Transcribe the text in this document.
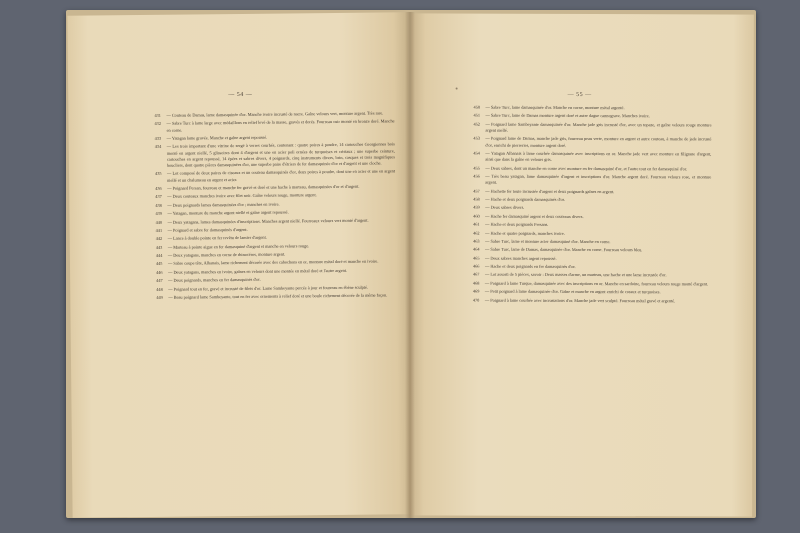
— 54 —
431 — Couteau de Damas, lame damasquinée d'or. Manche ivoire incrusté de nacre. Gaîne velours vert, monture argent. Très rare.
432 — Sabre Turc à lame large avec médaillons en relief levé de la masse, gravés et dorés. Fourreau cuir monté en bronze doré. Manche en corne.
433 — Yatagan lame gravée. Manche et gaîne argent repoussé.
434 — Les trois important d'une vitrine de sergé à verres courbés, contenant : quatre poires à poudre, 14 cartouches Georgiennes bois monté en argent niellé, 5 glissoires dont 4 d'argent et une en acier poli ornées de turquoises et cristaux ; une superbe ceinture, cartouches en argent repoussé, 14 épées et sabres divers, 4 poignards, cinq instruments divers, brin, casques et trois magnifiques boucliers, dont quatre pièces damasquinées d'or, une superbe paire d'étriers de fer damasquinée d'or et d'argent et une cloche.
435 — Lot composé de deux paires de ciseaux et un couteau damasquinés d'or, deux poires à poudre, dont une en acier et une en argent niellé et un chalumeau en argent et acier.
436 — Poignard Persan, fourreau et manche fer gravé et doré et une hache à marteau, damasquinées d'or et d'argent.
437 — Deux couteaux manches ivoire avec filet noir. Gaîne velours rouge, monture argent.
438 — Deux poignards lames damasquinées d'or ; manches en ivoire.
439 — Yatagan, monture du manche argent niellé et gaîne argent repoussé.
440 — Deux yatagans, lames damasquinées d'inscriptions. Manches argent niellé. Fourreaux velours vert monté d'argent.
441 — Poignard et sabre fer damasquinés d'argent.
442 — Lance à double pointe en fer revêtu de lamier d'argent.
443 — Marteau à pointe aigue en fer damasquiné d'argent et manche en velours rouge.
444 — Deux yatagans, manches en corne de rhinocéros, monture argent.
445 — Sabre coupe tête, Albanais, lame richement décorée avec des cabochons en or, monture métal doré et manche en ivoire.
446 — Deux yatagans, manches en ivoire, gaînes en velours dont une montée en métal doré et l'autre argent.
447 — Deux poignards, manches en fer damasquinés d'or.
448 — Poignard tout en fer, gravé et incrusté de filets d'or. Lame Sambeyante percée à jour et fourreau en ébène sculpté.
449 — Beau poignard lame Sambeyante, tout en fer avec ornements à relief doré et une boule richement décorée de la même façon.
— 55 —
450 — Sabre Turc, lame damasquinée d'or. Manche en corne, monture métal argenté.
451 — Sabre Turc, lame de Damas monture argent doré et autre dague cannegrave. Manches ivoire.
452 — Poignard lame Sambeyante damasquinée d'or. Manche jade gris incrusté d'or, avec un topaze, et gaîne velours rouge monture argent niellé.
453 — Poignard lame de Damas, manche jade gris, fourreau peau verte, monture en argent et autre couteau, à manche de jade incrusté d'or, enrichi de pierreries, monture argent doré.
454 — Yatagan Albanais à lame courbée damasquinée avec inscriptions en or. Manche jade vert avec monture en filigrane d'argent, ainsi que dans la gaîne en velours gris.
455 — Deux sabres, dont un manche en corne avec monture en fer damasquiné d'or, et l'autre tout en fer damasquiné d'or.
456 — Très beau yatagan, lame damasquinée d'argent et inscriptions d'or. Manche argent doré. Fourreau velours rose, et monture argent.
457 — Hachette fer toute incrustée d'argent et deux poignards gaînes en argent.
458 — Hache et deux poignards damasquinés d'or.
459 — Deux sabres divers.
460 — Hache fer damasquiné argent et deux couteaux divers.
461 — Hache et deux poignards Persans.
462 — Hache et quatre poignards, manches ivoire.
463 — Sabre Turc, lame et monture acier damasquiné d'or. Manche en corne.
464 — Sabre Turc, lame de Damas, damasquinée d'or. Manche en corne. Fourreau velours bleu.
465 — Deux sabres manches argent repoussé.
466 — Hache et deux poignards en fer damasquinés d'or.
467 — Lot assorti de 5 pièces, savoir : Deux masses d'arme, un marteau, une hache et une lame incrustée d'or.
468 — Poignard à lame Turque, damasquinée avec des inscriptions en or. Manche en sardoine, fourreau velours rouge monté d'argent.
469 — Petit poignard à lame damasquinée d'or. Gaîne et manche en argent enrichi de coraux et turquoises.
470 — Poignard à lame courbée avec incrustations d'or. Manche jade vert sculpté. Fourreau métal gravé et argenté.
